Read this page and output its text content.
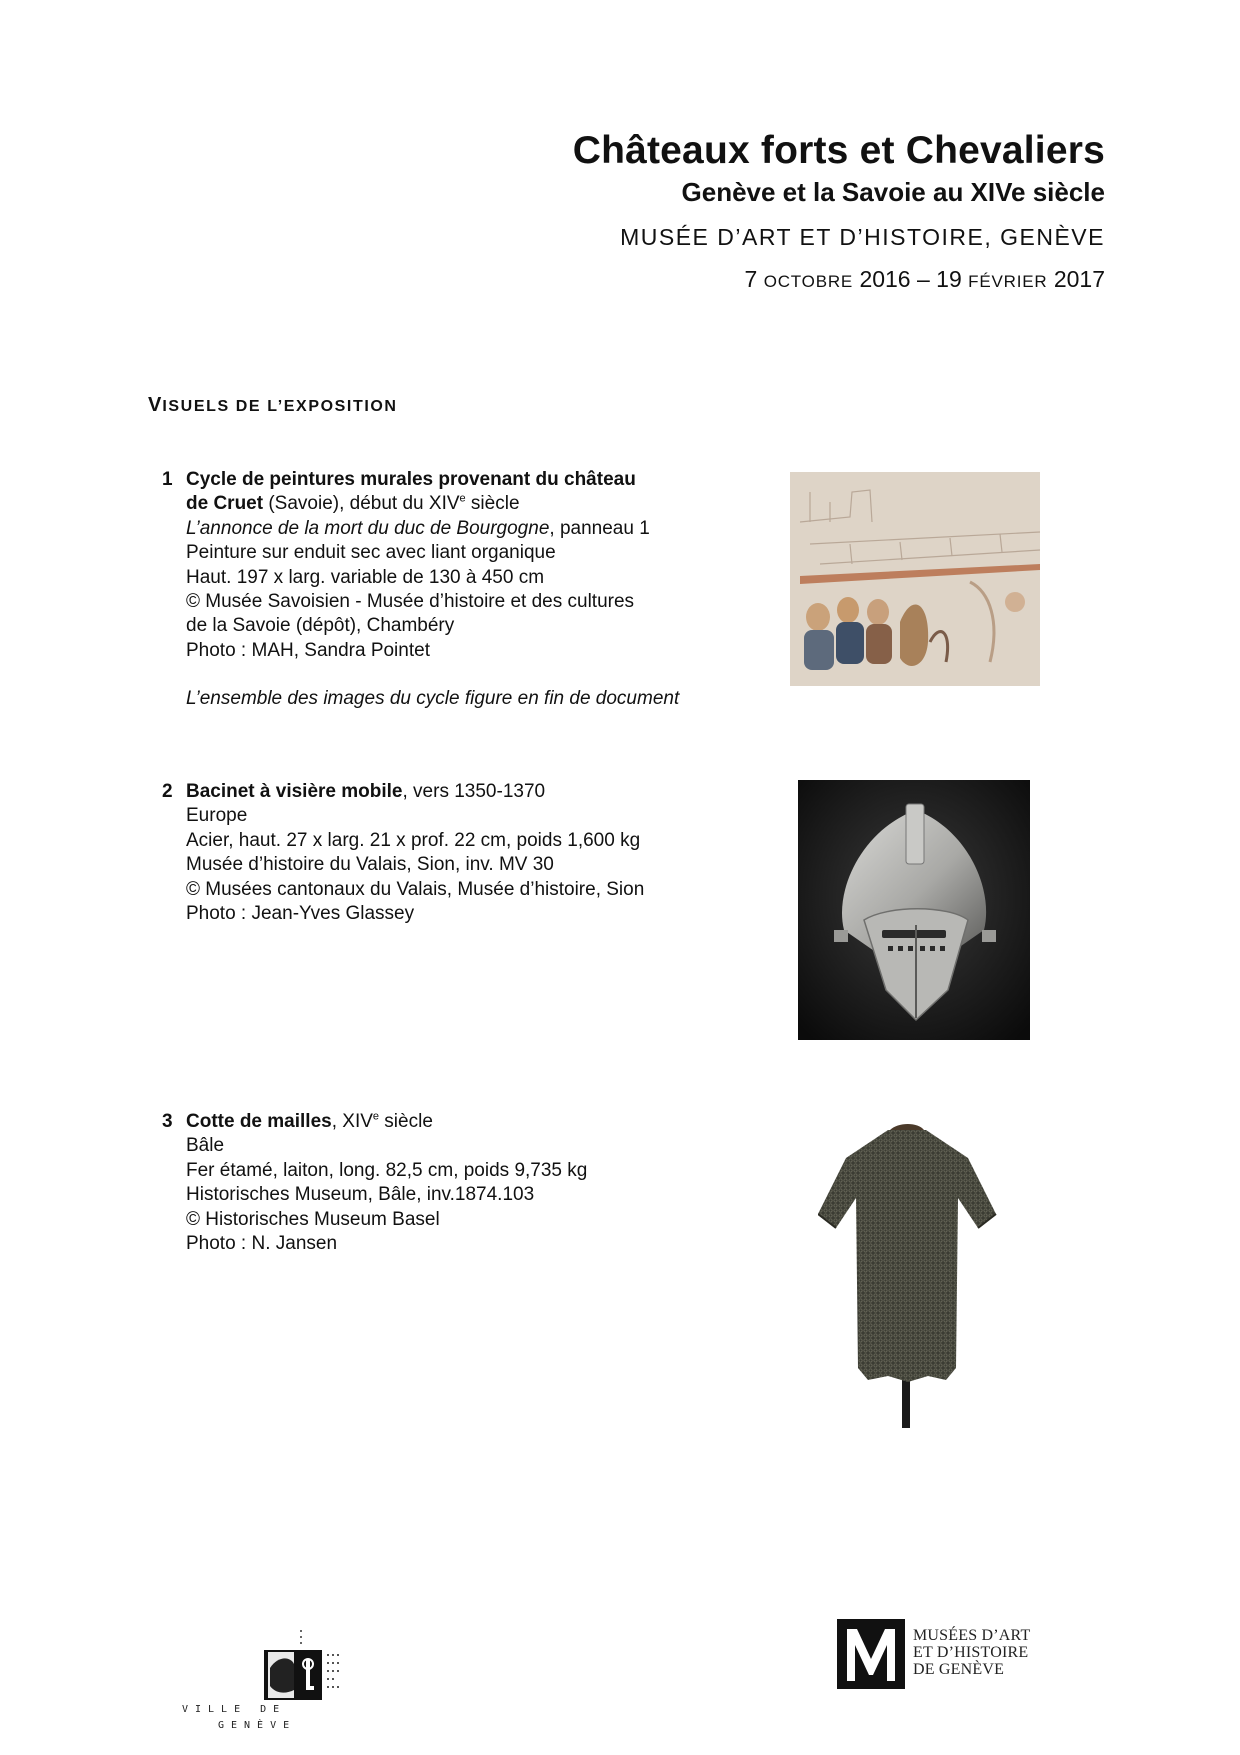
Châteaux forts et Chevaliers
Genève et la Savoie au XIVe siècle
MUSÉE D’ART ET D’HISTOIRE, GENÈVE
7 OCTOBRE 2016 – 19 FÉVRIER 2017
VISUELS DE L’EXPOSITION
1 Cycle de peintures murales provenant du château
de Cruet (Savoie), début du XIVe siècle
L’annonce de la mort du duc de Bourgogne, panneau 1
Peinture sur enduit sec avec liant organique
Haut. 197 x larg. variable de 130 à 450 cm
© Musée Savoisien - Musée d’histoire et des cultures
de la Savoie (dépôt), Chambéry
Photo : MAH, Sandra Pointet
L’ensemble des images du cycle figure en fin de document
2 Bacinet à visière mobile, vers 1350-1370
Europe
Acier, haut. 27 x larg. 21 x prof. 22 cm, poids 1,600 kg
Musée d’histoire du Valais, Sion, inv. MV 30
© Musées cantonaux du Valais, Musée d’histoire, Sion
Photo : Jean-Yves Glassey
3 Cotte de mailles, XIVe siècle
Bâle
Fer étamé, laiton, long. 82,5 cm, poids 9,735 kg
Historisches Museum, Bâle, inv.1874.103
© Historisches Museum Basel
Photo : N. Jansen
VILLE DE
GENÈVE
MUSÉES D’ART
ET D’HISTOIRE
DE GENÈVE
